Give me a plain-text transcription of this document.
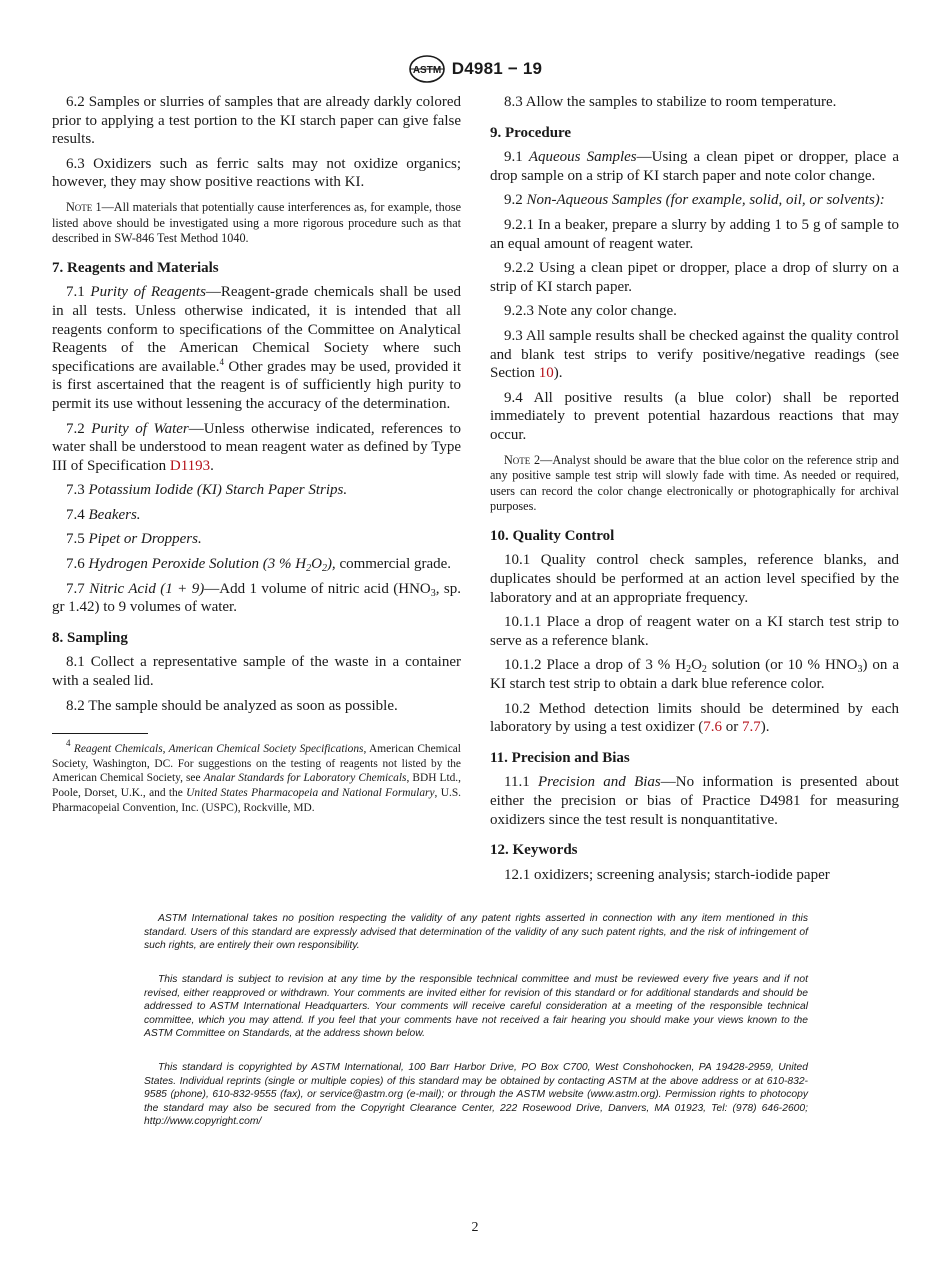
ASTM D4981 − 19

6.2 Samples or slurries of samples that are already darkly colored prior to applying a test portion to the KI starch paper can give false results.

6.3 Oxidizers such as ferric salts may not oxidize organics; however, they may show positive reactions with KI.

Note 1—All materials that potentially cause interferences as, for example, those listed above should be investigated using a more rigorous procedure such as that described in SW-846 Test Method 1040.

7. Reagents and Materials

7.1 Purity of Reagents—Reagent-grade chemicals shall be used in all tests. Unless otherwise indicated, it is intended that all reagents conform to specifications of the Committee on Analytical Reagents of the American Chemical Society where such specifications are available.$^4$ Other grades may be used, provided it is first ascertained that the reagent is of sufficiently high purity to permit its use without lessening the accuracy of the determination.

7.2 Purity of Water—Unless otherwise indicated, references to water shall be understood to mean reagent water as defined by Type III of Specification D1193.

7.3 Potassium Iodide (KI) Starch Paper Strips.

7.4 Beakers.

7.5 Pipet or Droppers.

7.6 Hydrogen Peroxide Solution (3 % $H_2O_2$), commercial grade.

7.7 Nitric Acid (1 + 9)—Add 1 volume of nitric acid ($HNO_3$, sp. gr 1.42) to 9 volumes of water.

8. Sampling

8.1 Collect a representative sample of the waste in a container with a sealed lid.

8.2 The sample should be analyzed as soon as possible.

$^4$ Reagent Chemicals, American Chemical Society Specifications, American Chemical Society, Washington, DC. For suggestions on the testing of reagents not listed by the American Chemical Society, see Analar Standards for Laboratory Chemicals, BDH Ltd., Poole, Dorset, U.K., and the United States Pharmacopeia and National Formulary, U.S. Pharmacopeial Convention, Inc. (USPC), Rockville, MD.

8.3 Allow the samples to stabilize to room temperature.

9. Procedure

9.1 Aqueous Samples—Using a clean pipet or dropper, place a drop sample on a strip of KI starch paper and note color change.

9.2 Non-Aqueous Samples (for example, solid, oil, or solvents):

9.2.1 In a beaker, prepare a slurry by adding 1 to 5 g of sample to an equal amount of reagent water.

9.2.2 Using a clean pipet or dropper, place a drop of slurry on a strip of KI starch paper.

9.2.3 Note any color change.

9.3 All sample results shall be checked against the quality control and blank test strips to verify positive/negative readings (see Section 10).

9.4 All positive results (a blue color) shall be reported immediately to prevent potential hazardous reactions that may occur.

Note 2—Analyst should be aware that the blue color on the reference strip and any positive sample test strip will slowly fade with time. As needed or required, users can record the color change electronically or photographically for archival purposes.

10. Quality Control

10.1 Quality control check samples, reference blanks, and duplicates should be performed at an action level specified by the laboratory and at an appropriate frequency.

10.1.1 Place a drop of reagent water on a KI starch test strip to serve as a reference blank.

10.1.2 Place a drop of 3 % $H_2O_2$ solution (or 10 % $HNO_3$) on a KI starch test strip to obtain a dark blue reference color.

10.2 Method detection limits should be determined by each laboratory by using a test oxidizer (7.6 or 7.7).

11. Precision and Bias

11.1 Precision and Bias—No information is presented about either the precision or bias of Practice D4981 for measuring oxidizers since the test result is nonquantitative.

12. Keywords

12.1 oxidizers; screening analysis; starch-iodide paper

ASTM International takes no position respecting the validity of any patent rights asserted in connection with any item mentioned in this standard. Users of this standard are expressly advised that determination of the validity of any such patent rights, and the risk of infringement of such rights, are entirely their own responsibility.

This standard is subject to revision at any time by the responsible technical committee and must be reviewed every five years and if not revised, either reapproved or withdrawn. Your comments are invited either for revision of this standard or for additional standards and should be addressed to ASTM International Headquarters. Your comments will receive careful consideration at a meeting of the responsible technical committee, which you may attend. If you feel that your comments have not received a fair hearing you should make your views known to the ASTM Committee on Standards, at the address shown below.

This standard is copyrighted by ASTM International, 100 Barr Harbor Drive, PO Box C700, West Conshohocken, PA 19428-2959, United States. Individual reprints (single or multiple copies) of this standard may be obtained by contacting ASTM at the above address or at 610-832-9585 (phone), 610-832-9555 (fax), or service@astm.org (e-mail); or through the ASTM website (www.astm.org). Permission rights to photocopy the standard may also be secured from the Copyright Clearance Center, 222 Rosewood Drive, Danvers, MA 01923, Tel: (978) 646-2600; http://www.copyright.com/

2
